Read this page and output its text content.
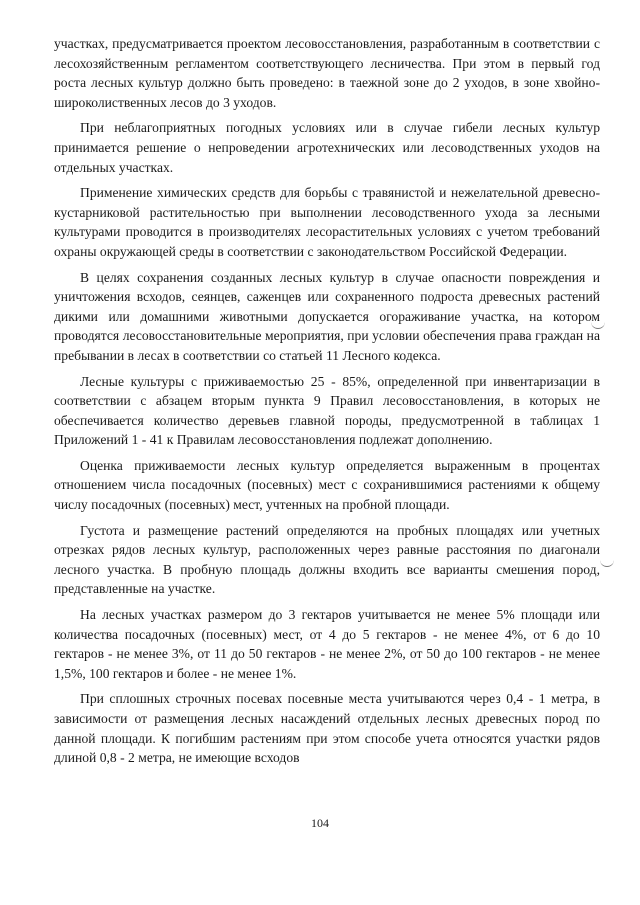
участках, предусматривается проектом лесовосстановления, разработанным в соответствии с лесохозяйственным регламентом соответствующего лесничества. При этом в первый год роста лесных культур должно быть проведено: в таежной зоне до 2 уходов, в зоне хвойно-широколиственных лесов до 3 уходов.

При неблагоприятных погодных условиях или в случае гибели лесных культур принимается решение о непроведении агротехнических или лесоводственных уходов на отдельных участках.

Применение химических средств для борьбы с травянистой и нежелательной древесно-кустарниковой растительностью при выполнении лесоводственного ухода за лесными культурами проводится в производителях лесорастительных условиях с учетом требований охраны окружающей среды в соответствии с законодательством Российской Федерации.

В целях сохранения созданных лесных культур в случае опасности повреждения и уничтожения всходов, сеянцев, саженцев или сохраненного подроста древесных растений дикими или домашними животными допускается огораживание участка, на котором проводятся лесовосстановительные мероприятия, при условии обеспечения права граждан на пребывании в лесах в соответствии со статьей 11 Лесного кодекса.

Лесные культуры с приживаемостью 25 - 85%, определенной при инвентаризации в соответствии с абзацем вторым пункта 9 Правил лесовосстановления, в которых не обеспечивается количество деревьев главной породы, предусмотренной в таблицах 1 Приложений 1 - 41 к Правилам лесовосстановления подлежат дополнению.

Оценка приживаемости лесных культур определяется выраженным в процентах отношением числа посадочных (посевных) мест с сохранившимися растениями к общему числу посадочных (посевных) мест, учтенных на пробной площади.

Густота и размещение растений определяются на пробных площадях или учетных отрезках рядов лесных культур, расположенных через равные расстояния по диагонали лесного участка. В пробную площадь должны входить все варианты смешения пород, представленные на участке.

На лесных участках размером до 3 гектаров учитывается не менее 5% площади или количества посадочных (посевных) мест, от 4 до 5 гектаров - не менее 4%, от 6 до 10 гектаров - не менее 3%, от 11 до 50 гектаров - не менее 2%, от 50 до 100 гектаров - не менее 1,5%, 100 гектаров и более - не менее 1%.

При сплошных строчных посевах посевные места учитываются через 0,4 - 1 метра, в зависимости от размещения лесных насаждений отдельных лесных древесных пород по данной площади. К погибшим растениям при этом способе учета относятся участки рядов длиной 0,8 - 2 метра, не имеющие всходов

104
